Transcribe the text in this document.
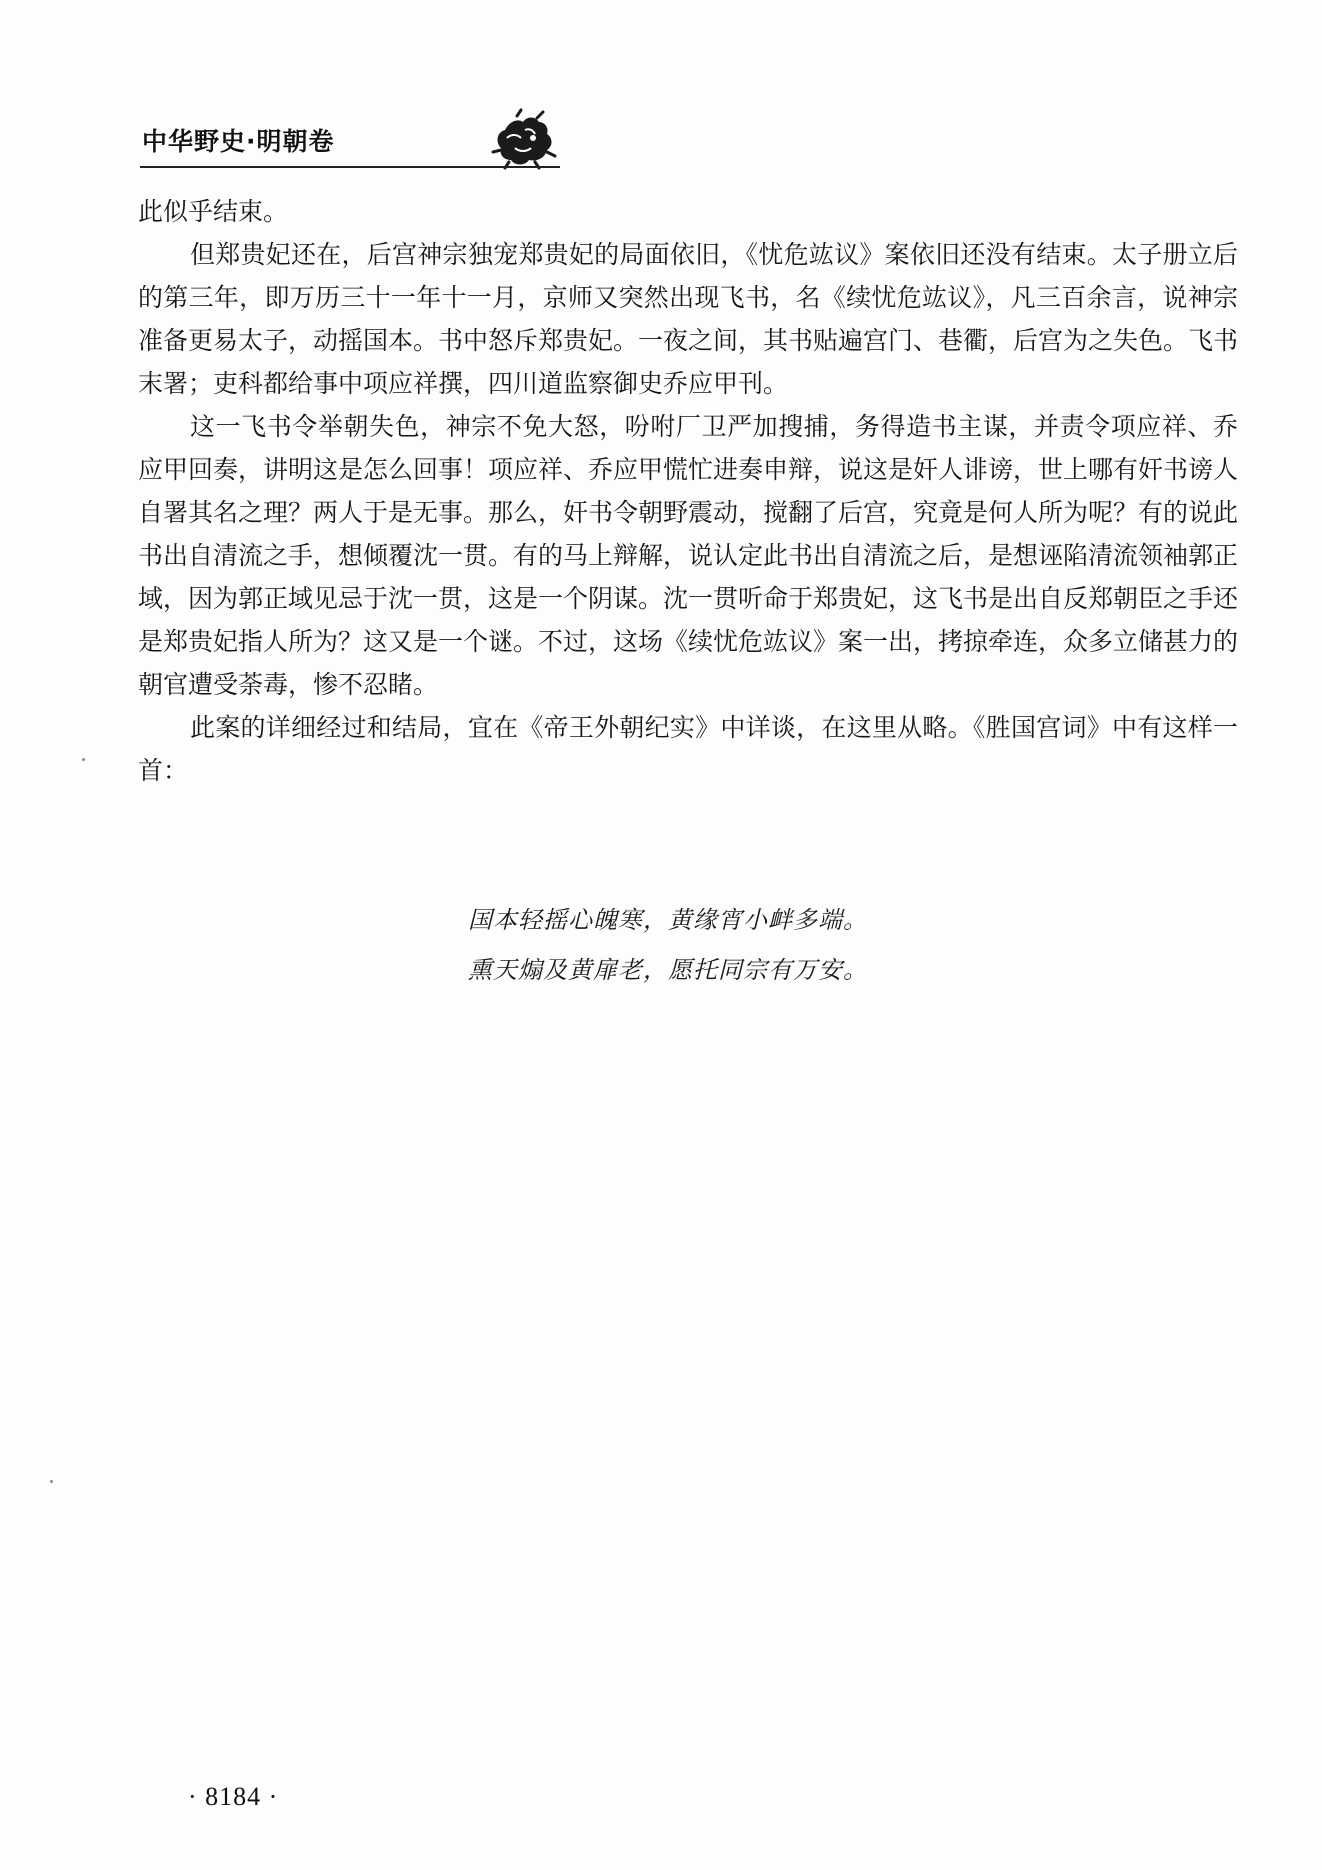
中华野史·明朝卷

此似乎结束。

但郑贵妃还在，后宫神宗独宠郑贵妃的局面依旧，《忧危竑议》案依旧还没有结束。太子册立后的第三年，即万历三十一年十一月，京师又突然出现飞书，名《续忧危竑议》，凡三百余言，说神宗准备更易太子，动摇国本。书中怒斥郑贵妃。一夜之间，其书贴遍宫门、巷衢，后宫为之失色。飞书末署；吏科都给事中项应祥撰，四川道监察御史乔应甲刊。

这一飞书令举朝失色，神宗不免大怒，吩咐厂卫严加搜捕，务得造书主谋，并责令项应祥、乔应甲回奏，讲明这是怎么回事！项应祥、乔应甲慌忙进奏申辩，说这是奸人诽谤，世上哪有奸书谤人自署其名之理？两人于是无事。那么，奸书令朝野震动，搅翻了后宫，究竟是何人所为呢？有的说此书出自清流之手，想倾覆沈一贯。有的马上辩解，说认定此书出自清流之后，是想诬陷清流领袖郭正域，因为郭正域见忌于沈一贯，这是一个阴谋。沈一贯听命于郑贵妃，这飞书是出自反郑朝臣之手还是郑贵妃指人所为？这又是一个谜。不过，这场《续忧危竑议》案一出，拷掠牵连，众多立储甚力的朝官遭受荼毒，惨不忍睹。

此案的详细经过和结局，宜在《帝王外朝纪实》中详谈，在这里从略。《胜国宫词》中有这样一首：

国本轻摇心魄寒，黄缘宵小衅多端。
熏天煽及黄扉老，愿托同宗有万安。
· 8184 ·
